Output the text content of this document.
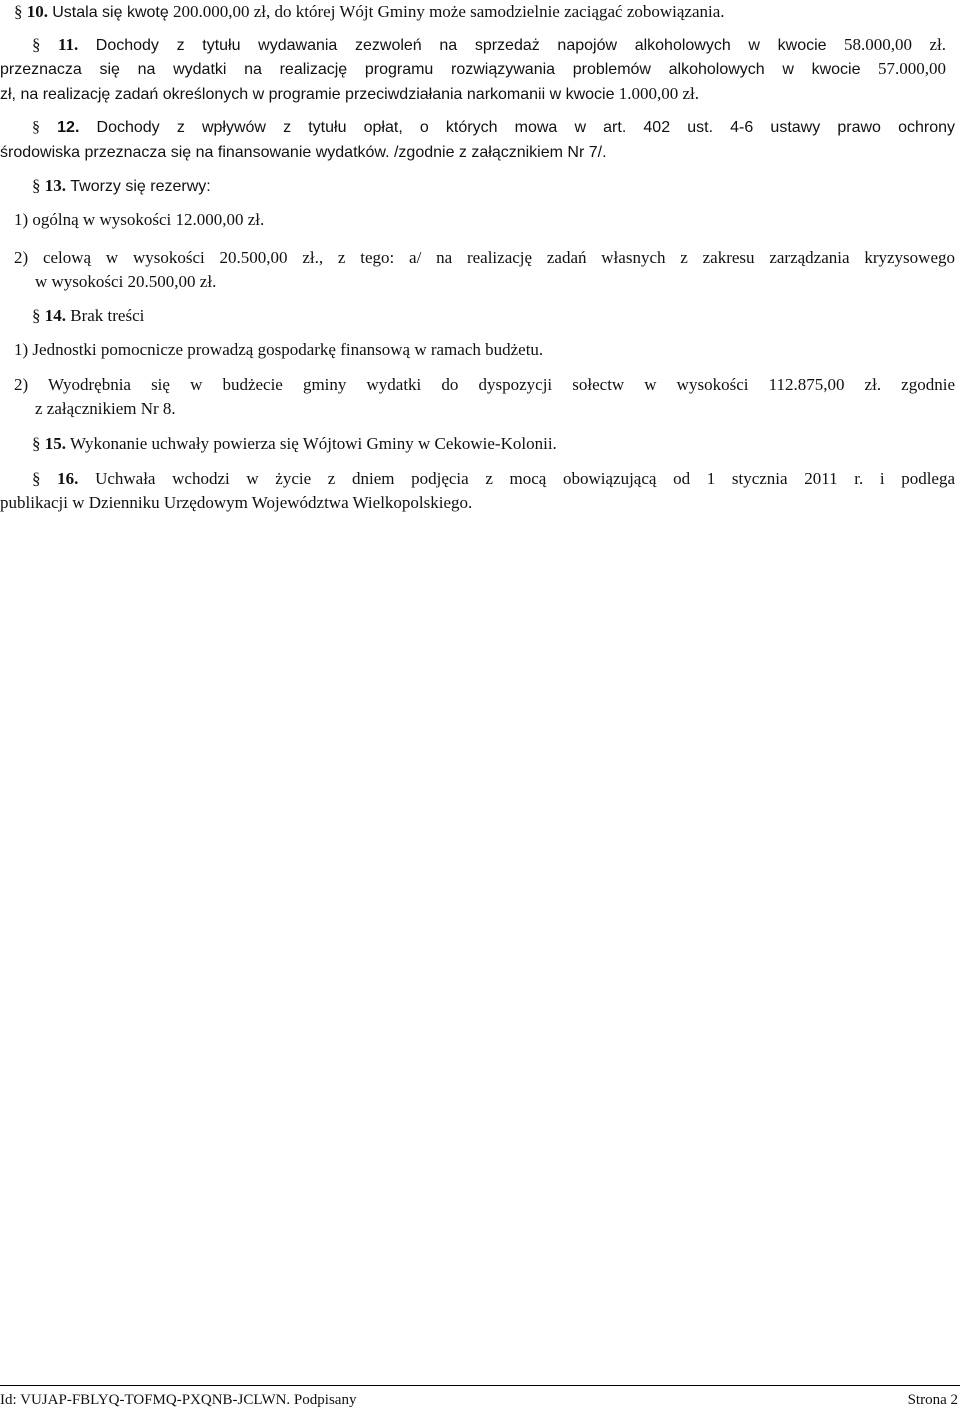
§ 10. Ustala się kwotę 200.000,00 zł, do której Wójt Gminy może samodzielnie zaciągać zobowiązania.
§ 11. Dochody z tytułu wydawania zezwoleń na sprzedaż napojów alkoholowych w kwocie 58.000,00 zł.
przeznacza się na wydatki na realizację programu rozwiązywania problemów alkoholowych w kwocie 57.000,00
zł, na realizację zadań określonych w programie przeciwdziałania narkomanii w kwocie 1.000,00 zł.
§ 12. Dochody z wpływów z tytułu opłat, o których mowa w art. 402 ust. 4-6 ustawy prawo ochrony
środowiska przeznacza się na finansowanie wydatków. /zgodnie z załącznikiem Nr 7/.
§ 13. Tworzy się rezerwy:
1) ogólną w wysokości 12.000,00 zł.
2) celową w wysokości 20.500,00 zł., z tego: a/ na realizację zadań własnych z zakresu zarządzania kryzysowego
w wysokości 20.500,00 zł.
§ 14. Brak treści
1) Jednostki pomocnicze prowadzą gospodarkę finansową w ramach budżetu.
2) Wyodrębnia się w budżecie gminy wydatki do dyspozycji sołectw w wysokości 112.875,00 zł. zgodnie
z załącznikiem Nr 8.
§ 15. Wykonanie uchwały powierza się Wójtowi Gminy w Cekowie-Kolonii.
§ 16. Uchwała wchodzi w życie z dniem podjęcia z mocą obowiązującą od 1 stycznia 2011 r. i podlega
publikacji w Dzienniku Urzędowym Województwa Wielkopolskiego.
Id: VUJAP-FBLYQ-TOFMQ-PXQNB-JCLWN. Podpisany	Strona 2
